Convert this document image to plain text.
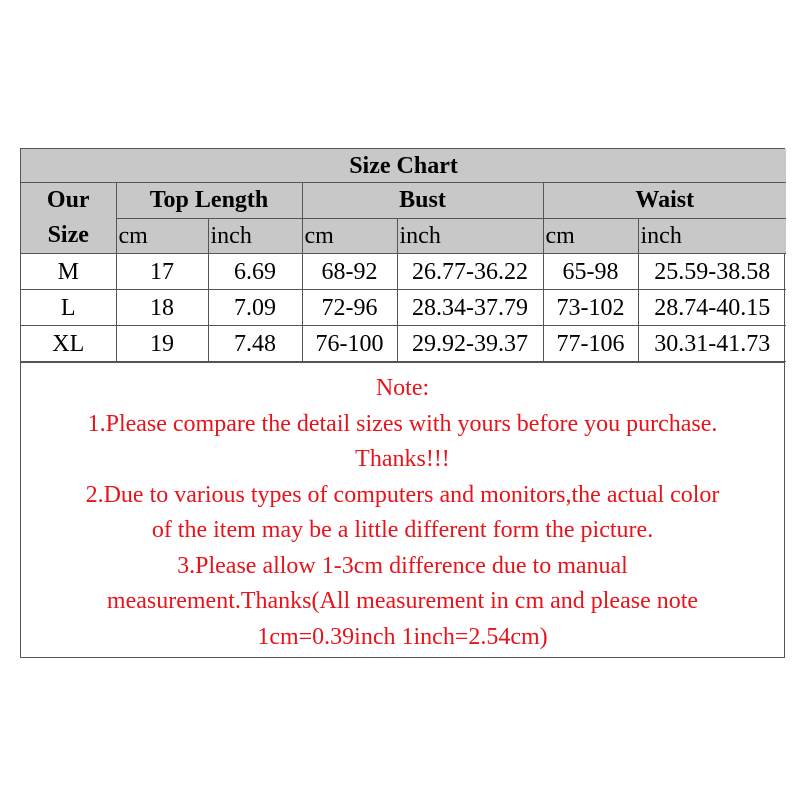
Size Chart						

Our
Size	Top Length		Bust		Waist	
	cm	inch	cm	inch	cm	inch
M	17	6.69	68-92	26.77-36.22	65-98	25.59-38.58
L	18	7.09	72-96	28.34-37.79	73-102	28.74-40.15
XL	19	7.48	76-100	29.92-39.37	77-106	30.31-41.73
Note:
1.Please compare the detail sizes with yours before you purchase.
Thanks!!!
2.Due to various types of computers and monitors,the actual color
of the item may be a little different form the picture.
3.Please allow 1-3cm difference due to manual
measurement.Thanks(All measurement in cm and please note
1cm=0.39inch 1inch=2.54cm)
